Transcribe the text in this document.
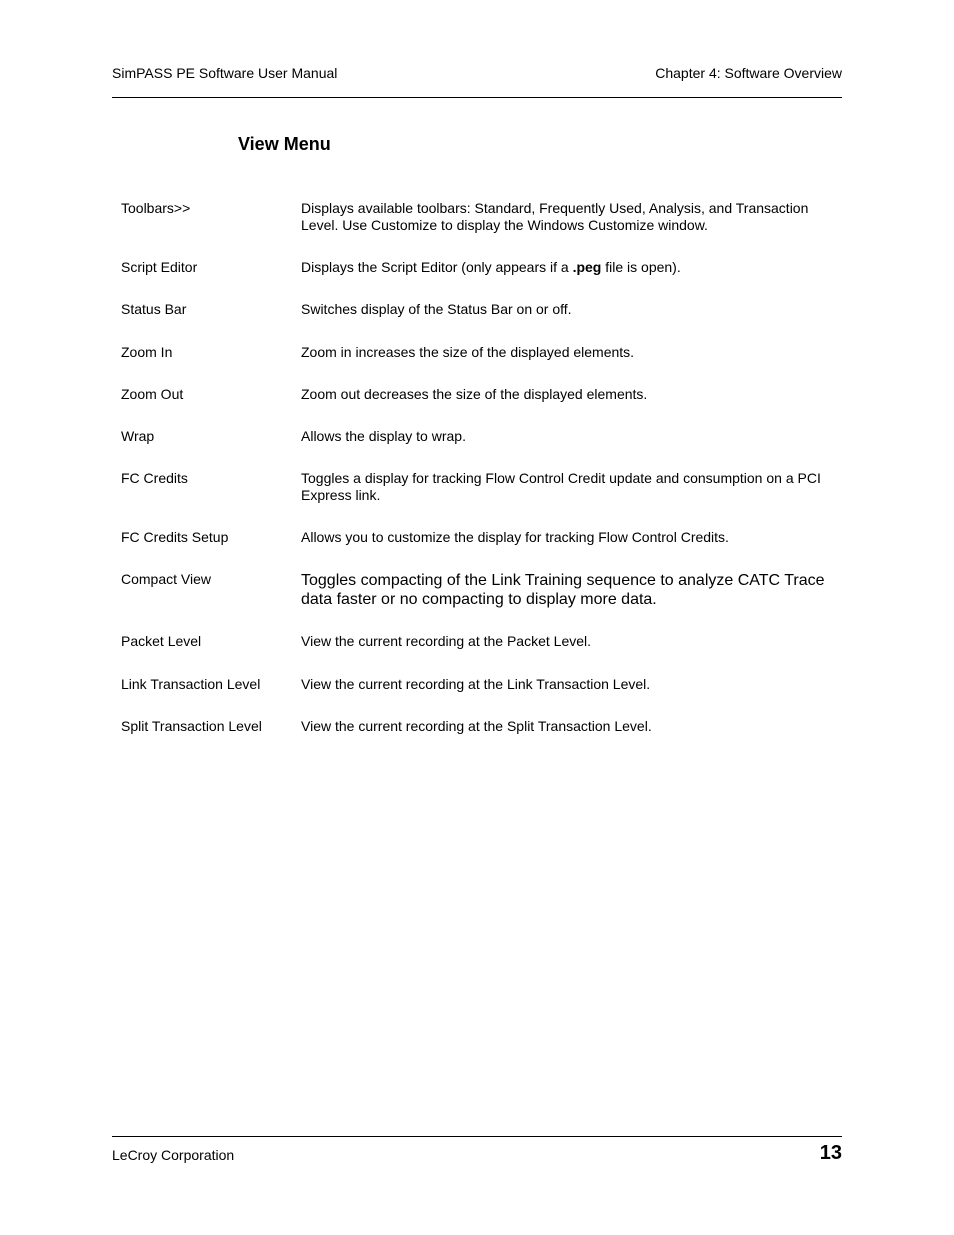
SimPASS PE Software User Manual	Chapter 4: Software Overview
View Menu
Toolbars>>	Displays available toolbars: Standard, Frequently Used, Analysis, and Transaction
Level. Use Customize to display the Windows Customize window.
Script Editor	Displays the Script Editor (only appears if a .peg file is open).
Status Bar	Switches display of the Status Bar on or off.
Zoom In	Zoom in increases the size of the displayed elements.
Zoom Out	Zoom out decreases the size of the displayed elements.
Wrap	Allows the display to wrap.
FC Credits	Toggles a display for tracking Flow Control Credit update and consumption on a PCI
Express link.
FC Credits Setup	Allows you to customize the display for tracking Flow Control Credits.
Compact View	Toggles compacting of the Link Training sequence to analyze CATC Trace
data faster or no compacting to display more data.
Packet Level	View the current recording at the Packet Level.
Link Transaction Level	View the current recording at the Link Transaction Level.
Split Transaction Level	View the current recording at the Split Transaction Level.
LeCroy Corporation	13
